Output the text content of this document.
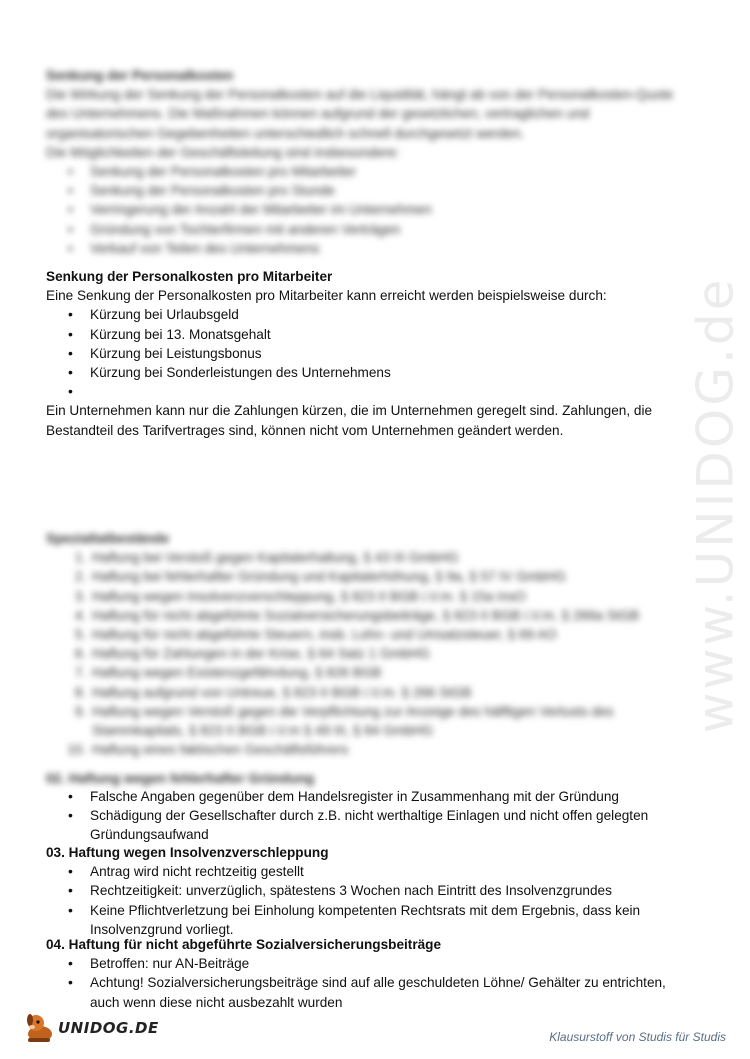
www.UNIDOG.de

Senkung der Personalkosten

Die Wirkung der Senkung der Personalkosten auf die Liquidität, hängt ab von der Personalkosten-Quote des Unternehmens. Die Maßnahmen können aufgrund der gesetzlichen, vertraglichen und organisatorischen Gegebenheiten unterschiedlich schnell durchgesetzt werden.

Die Möglichkeiten der Geschäftsleitung sind insbesondere:

• Senkung der Personalkosten pro Mitarbeiter
• Senkung der Personalkosten pro Stunde
• Verringerung der Anzahl der Mitarbeiter im Unternehmen
• Gründung von Tochterfirmen mit anderen Verträgen
• Verkauf von Teilen des Unternehmens

Senkung der Personalkosten pro Mitarbeiter

Eine Senkung der Personalkosten pro Mitarbeiter kann erreicht werden beispielsweise durch:

• Kürzung bei Urlaubsgeld
• Kürzung bei 13. Monatsgehalt
• Kürzung bei Leistungsbonus
• Kürzung bei Sonderleistungen des Unternehmens
•

Ein Unternehmen kann nur die Zahlungen kürzen, die im Unternehmen geregelt sind. Zahlungen, die Bestandteil des Tarifvertrages sind, können nicht vom Unternehmen geändert werden.

Spezialtatbestände

1. Haftung bei Verstoß gegen Kapitalerhaltung, § 43 III GmbHG
2. Haftung bei fehlerhafter Gründung und Kapitalerhöhung, § 9a, § 57 IV GmbHG
3. Haftung wegen Insolvenzverschleppung, § 823 II BGB i.V.m. § 15a InsO
4. Haftung für nicht abgeführte Sozialversicherungsbeiträge, § 823 II BGB i.V.m. § 266a StGB
5. Haftung für nicht abgeführte Steuern, insb. Lohn- und Umsatzsteuer, § 69 AO
6. Haftung für Zahlungen in der Krise, § 64 Satz 1 GmbHG
7. Haftung wegen Existenzgefährdung, § 826 BGB
8. Haftung aufgrund von Untreue, § 823 II BGB i.V.m. § 266 StGB
9. Haftung wegen Verstoß gegen die Verpflichtung zur Anzeige des hälftigen Verlusts des Stammkapitals, § 823 II BGB i.V.m § 49 III, § 84 GmbHG
10. Haftung eines faktischen Geschäftsführers

02. Haftung wegen fehlerhafter Gründung

• Falsche Angaben gegenüber dem Handelsregister in Zusammenhang mit der Gründung
• Schädigung der Gesellschafter durch z.B. nicht werthaltige Einlagen und nicht offen gelegten Gründungsaufwand

03. Haftung wegen Insolvenzverschleppung

• Antrag wird nicht rechtzeitig gestellt
• Rechtzeitigkeit: unverzüglich, spätestens 3 Wochen nach Eintritt des Insolvenzgrundes
• Keine Pflichtverletzung bei Einholung kompetenten Rechtsrats mit dem Ergebnis, dass kein Insolvenzgrund vorliegt.

04. Haftung für nicht abgeführte Sozialversicherungsbeiträge

• Betroffen: nur AN-Beiträge
• Achtung! Sozialversicherungsbeiträge sind auf alle geschuldeten Löhne/ Gehälter zu entrichten, auch wenn diese nicht ausbezahlt wurden
UNIDOG.DE	Klausurstoff von Studis für Studis
